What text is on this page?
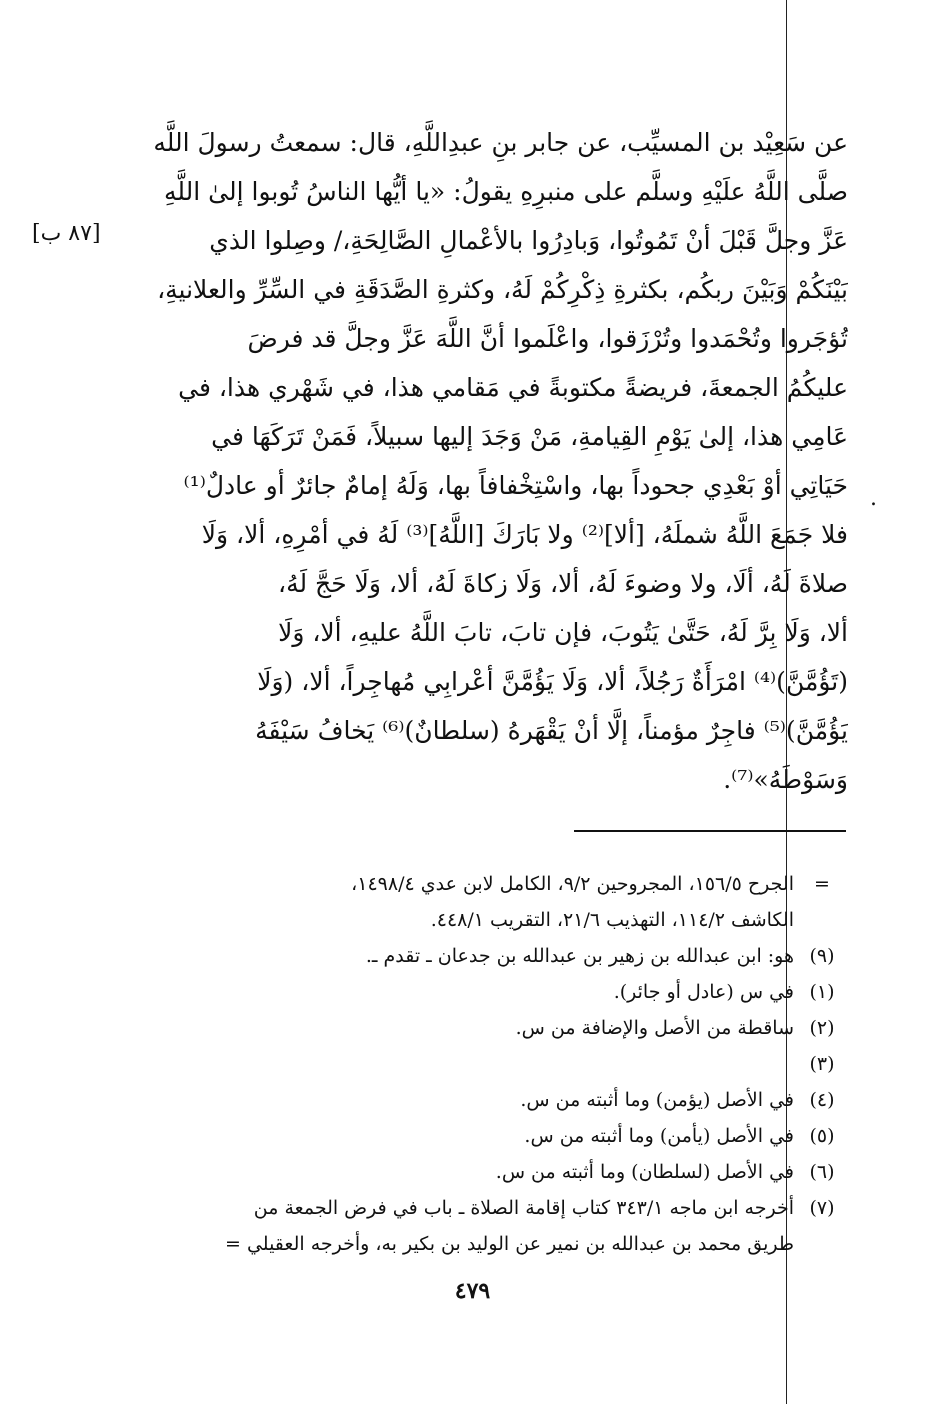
عن سَعِيْد بن المسيِّب، عن جابر بنِ عبدِاللَّهِ، قال: سمعتُ رسولَ اللَّه
صلَّى اللَّهُ علَيْهِ وسلَّم على منبرِهِ يقولُ: «يا أيُّها الناسُ تُوبوا إلىٰ اللَّهِ
عَزَّ وجلَّ قَبْلَ أنْ تَمُوتُوا، وَبادِرُوا بالأعْمالِ الصَّالِحَةِ،/ وصِلوا الذي
بَيْنَكُمْ وَبَيْنَ ربكُم، بكثرةِ ذِكْرِكُمْ لَهُ، وكثرةِ الصَّدَقَةِ في السِّرِّ والعلانيةِ،
تُؤجَروا وتُحْمَدوا وتُرْزَقوا، واعْلَموا أنَّ اللَّهَ عَزَّ وجلَّ قد فرضَ
عليكُمُ الجمعةَ، فريضةً مكتوبةً في مَقامي هذا، في شَهْري هذا، في
عَامِي هذا، إلىٰ يَوْمِ القِيامةِ، مَنْ وَجَدَ إليها سبيلاً، فَمَنْ تَرَكَهَا في
حَيَاتِي أوْ بَعْدِي جحوداً بها، واسْتِخْفافاً بها، وَلَهُ إمامٌ جائرٌ أو عادلٌ⁽¹⁾
فلا جَمَعَ اللَّهُ شملَهُ، [ألا]⁽²⁾ ولا بَارَكَ [اللَّهُ]⁽³⁾ لَهُ في أمْرِهِ، ألا، وَلَا
صلاةَ لَهُ، ألَا، ولا وضوءَ لَهُ، ألا، وَلَا زكاةَ لَهُ، ألا، وَلَا حَجَّ لَهُ،
ألا، وَلَا بِرَّ لَهُ، حَتَّىٰ يَتُوبَ، فإن تابَ، تابَ اللَّهُ عليهِ، ألا، وَلَا
(تَؤُمَّنَّ)⁽⁴⁾ امْرَأَةٌ رَجُلاً، ألا، وَلَا يَؤُمَّنَّ أعْرابِي مُهاجِراً، ألا، (وَلَا
يَؤُمَّنَّ)⁽⁵⁾ فاجِرٌ مؤمناً، إلَّا أنْ يَقْهَرهُ (سلطانٌ)⁽⁶⁾ يَخافُ سَيْفَهُ
وَسَوْطَهُ»⁽⁷⁾.
[٨٧ ب]
.
=
الجرح ١٥٦/٥، المجروحين ٩/٢، الكامل لابن عدي ١٤٩٨/٤،
الكاشف ١١٤/٢، التهذيب ٢١/٦، التقريب ٤٤٨/١.
(٩)
هو: ابن عبدالله بن زهير بن عبدالله بن جدعان ـ تقدم ـ.
(١)
في س (عادل أو جائر).
(٢) (٣)
ساقطة من الأصل والإضافة من س.
(٤)
في الأصل (يؤمن) وما أثبته من س.
(٥)
في الأصل (يأمن) وما أثبته من س.
(٦)
في الأصل (لسلطان) وما أثبته من س.
(٧)
أخرجه ابن ماجه ٣٤٣/١ كتاب إقامة الصلاة ـ باب في فرض الجمعة من
طريق محمد بن عبدالله بن نمير عن الوليد بن بكير به، وأخرجه العقيلي =
٤٧٩
